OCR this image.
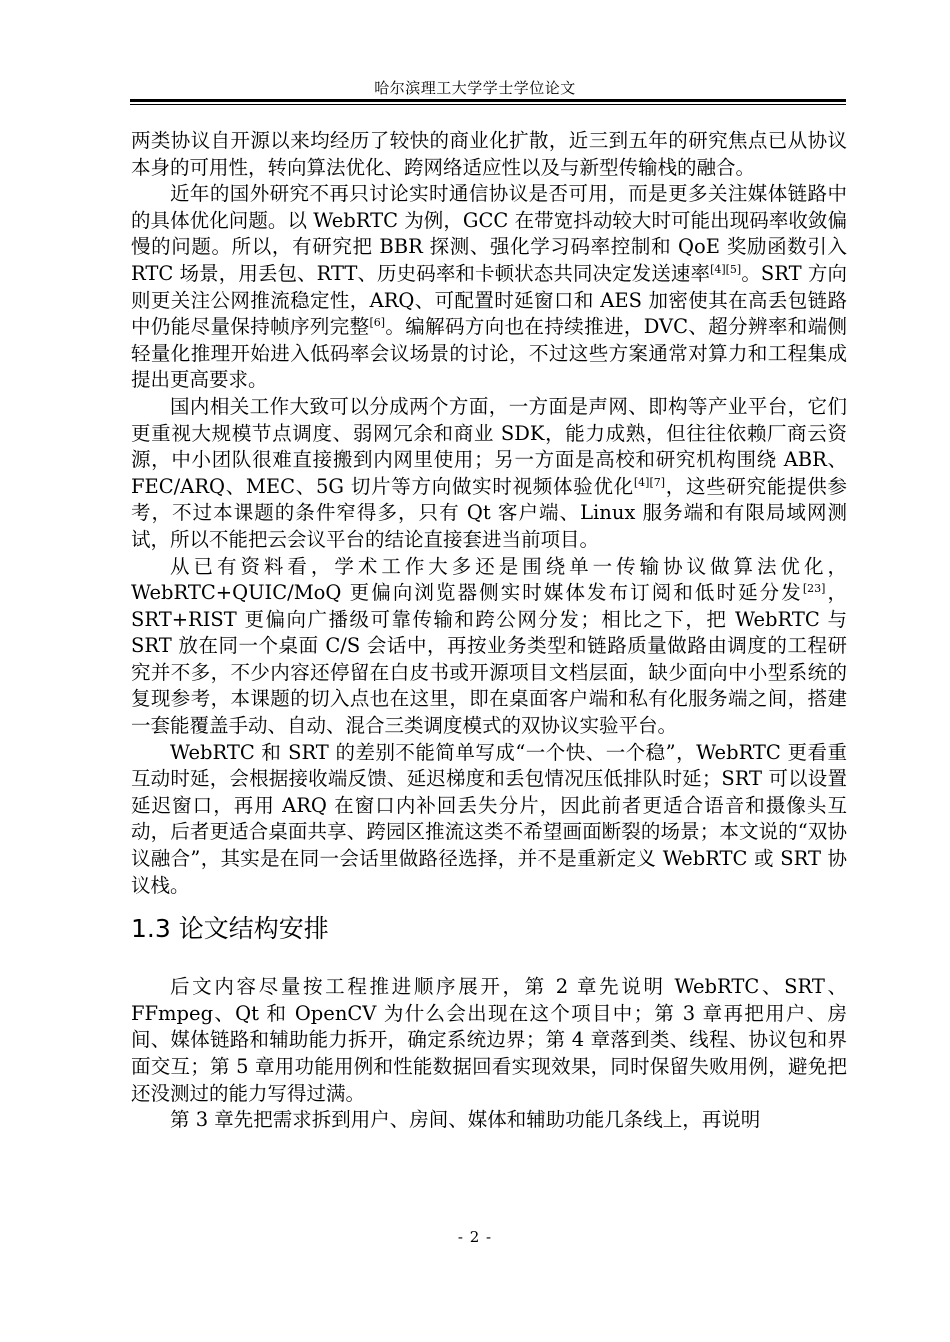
哈尔滨理工大学学士学位论文

两类协议自开源以来均经历了较快的商业化扩散，近三到五年的研究焦点已从协议本身的可用性，转向算法优化、跨网络适应性以及与新型传输栈的融合。

近年的国外研究不再只讨论实时通信协议是否可用，而是更多关注媒体链路中的具体优化问题。以 WebRTC 为例，GCC 在带宽抖动较大时可能出现码率收敛偏慢的问题。所以，有研究把 BBR 探测、强化学习码率控制和 QoE 奖励函数引入 RTC 场景，用丢包、RTT、历史码率和卡顿状态共同决定发送速率[4][5]。SRT 方向则更关注公网推流稳定性，ARQ、可配置时延窗口和 AES 加密使其在高丢包链路中仍能尽量保持帧序列完整[6]。编解码方向也在持续推进，DVC、超分辨率和端侧轻量化推理开始进入低码率会议场景的讨论，不过这些方案通常对算力和工程集成提出更高要求。

国内相关工作大致可以分成两个方面，一方面是声网、即构等产业平台，它们更重视大规模节点调度、弱网冗余和商业 SDK，能力成熟，但往往依赖厂商云资源，中小团队很难直接搬到内网里使用；另一方面是高校和研究机构围绕 ABR、FEC/ARQ、MEC、5G 切片等方向做实时视频体验优化[4][7]，这些研究能提供参考，不过本课题的条件窄得多，只有 Qt 客户端、Linux 服务端和有限局域网测试，所以不能把云会议平台的结论直接套进当前项目。

从已有资料看，学术工作大多还是围绕单一传输协议做算法优化，WebRTC+QUIC/MoQ 更偏向浏览器侧实时媒体发布订阅和低时延分发[23]，SRT+RIST 更偏向广播级可靠传输和跨公网分发；相比之下，把 WebRTC 与 SRT 放在同一个桌面 C/S 会话中，再按业务类型和链路质量做路由调度的工程研究并不多，不少内容还停留在白皮书或开源项目文档层面，缺少面向中小型系统的复现参考，本课题的切入点也在这里，即在桌面客户端和私有化服务端之间，搭建一套能覆盖手动、自动、混合三类调度模式的双协议实验平台。

WebRTC 和 SRT 的差别不能简单写成“一个快、一个稳”，WebRTC 更看重互动时延，会根据接收端反馈、延迟梯度和丢包情况压低排队时延；SRT 可以设置延迟窗口，再用 ARQ 在窗口内补回丢失分片，因此前者更适合语音和摄像头互动，后者更适合桌面共享、跨园区推流这类不希望画面断裂的场景；本文说的“双协议融合”，其实是在同一会话里做路径选择，并不是重新定义 WebRTC 或 SRT 协议栈。

1.3 论文结构安排

后文内容尽量按工程推进顺序展开，第 2 章先说明 WebRTC、SRT、FFmpeg、Qt 和 OpenCV 为什么会出现在这个项目中；第 3 章再把用户、房间、媒体链路和辅助能力拆开，确定系统边界；第 4 章落到类、线程、协议包和界面交互；第 5 章用功能用例和性能数据回看实现效果，同时保留失败用例，避免把还没测过的能力写得过满。

第 3 章先把需求拆到用户、房间、媒体和辅助功能几条线上，再说明

- 2 -
